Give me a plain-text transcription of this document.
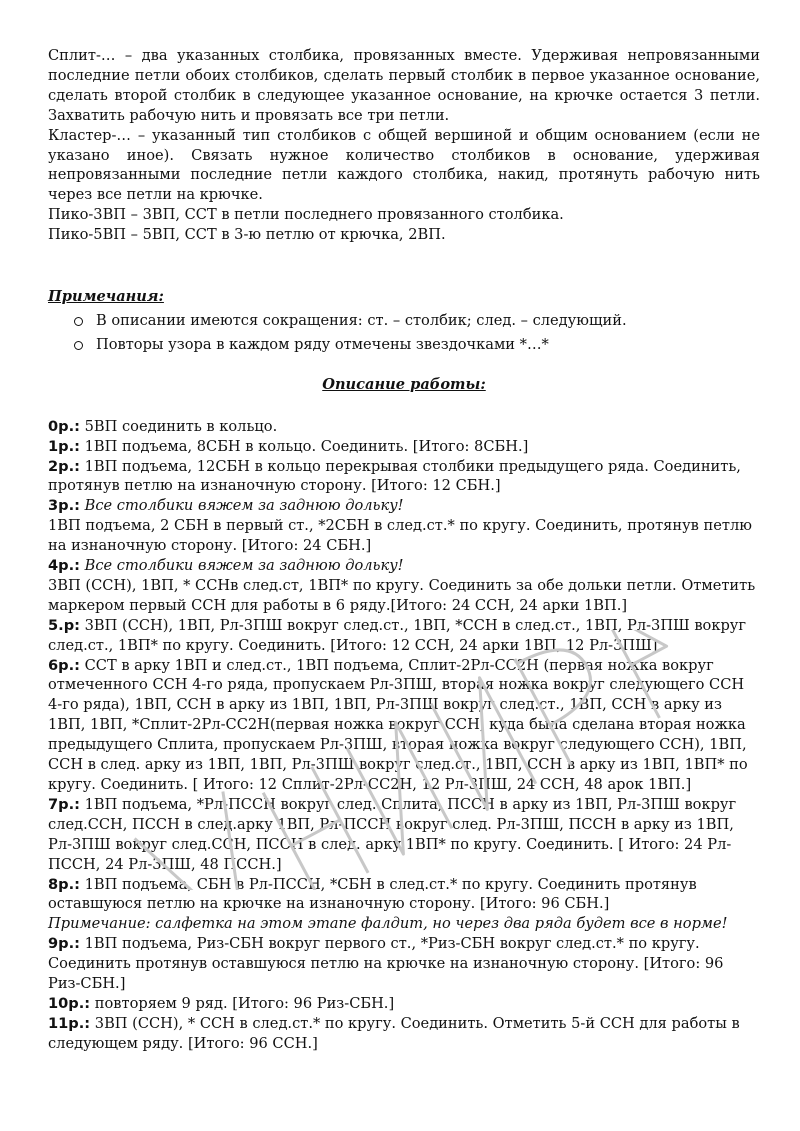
Сплит-… – два указанных столбика, провязанных вместе. Удерживая непровязанными последние петли обоих столбиков, сделать первый̆ столбик в первое указанное основание, сделать второй̆ столбик в следующее указанное основание, на крючке остается 3 петли. Захватить рабочую нить и провязать все три петли.

Кластер-… – указанный̆ тип столбиков с общей̆ вершиной̆ и общим основанием (если не указано иное). Связать нужное количество столбиков в основание, удерживая непровязанными последние петли каждого столбика, накид, протянуть рабочую нить через все петли на крючке.

Пико-3ВП – 3ВП, ССТ в петли последнего провязанного столбика.

Пико-5ВП – 5ВП, ССТ в 3-ю петлю от крючка, 2ВП.

Примечания:

В описании имеются сокращения: ст. – столбик; след. – следующий.
Повторы узора в каждом ряду отмечены звездочками *…*

Описание работы:

0р.: 5ВП соединить в кольцо.

1р.: 1ВП подъема, 8СБН в кольцо. Соединить. [Итого: 8СБН.]

2р.: 1ВП подъема, 12СБН в кольцо перекрывая столбики предыдущего ряда. Соединить, протянув петлю на изнаночную сторону. [Итого: 12 СБН.]

3р.: Все столбики вяжем за заднюю дольку!

1ВП подъема, 2 СБН в первый ст., *2СБН в след.ст.* по кругу. Соединить, протянув петлю на изнаночную сторону. [Итого: 24 СБН.]

4р.: Все столбики вяжем за заднюю дольку!

3ВП (ССН), 1ВП, * ССНв след.ст, 1ВП* по кругу. Соединить за обе дольки петли. Отметить маркером первый ССН для работы в 6 ряду.[Итого: 24 ССН, 24 арки 1ВП.]

5.р: 3ВП (ССН), 1ВП, Рл-3ПШ вокруг след.ст., 1ВП, *ССН в след.ст., 1ВП, Рл-3ПШ вокруг след.ст., 1ВП* по кругу. Соединить. [Итого: 12 ССН, 24 арки 1ВП, 12 Рл-3ПШ]

6р.: ССТ в арку 1ВП и след.ст., 1ВП подъема, Сплит-2Рл-СС2Н (первая ножка вокруг отмеченного ССН 4-го ряда, пропускаем Рл-3ПШ, вторая ножка вокруг следующего ССН 4-го ряда), 1ВП, ССН в арку из 1ВП, 1ВП, Рл-3ПШ вокруг след.ст., 1ВП, ССН в арку из 1ВП, 1ВП, *Сплит-2Рл-СС2Н(первая ножка вокруг ССН, куда была сделана вторая ножка предыдущего Сплита, пропускаем Рл-3ПШ, вторая ножка вокруг следующего ССН), 1ВП, ССН в след. арку из 1ВП, 1ВП, Рл-3ПШ вокруг след.ст., 1ВП, ССН в арку из 1ВП, 1ВП* по кругу. Соединить. [ Итого: 12 Сплит-2Рл-СС2Н, 12 Рл-3ПШ, 24 ССН, 48 арок 1ВП.]

7р.: 1ВП подъема, *Рл-ПССН вокруг след. Сплита, ПССН в арку из 1ВП, Рл-3ПШ вокруг след.ССН, ПССН в след.арку 1ВП, Рл-ПССН вокруг след. Рл-3ПШ, ПССН в арку из 1ВП, Рл-3ПШ вокруг след.ССН, ПССН в след. арку 1ВП* по кругу. Соединить. [ Итого: 24 Рл-ПССН, 24 Рл-3ПШ, 48 ПССН.]

8р.: 1ВП подъема, СБН в Рл-ПССН, *СБН в след.ст.* по кругу. Соединить протянув оставшуюся петлю на крючке на изнаночную сторону. [Итого: 96 СБН.]

Примечание: салфетка на этом этапе фалдит, но через два ряда будет все в норме!

9р.: 1ВП подъема, Риз-СБН вокруг первого ст., *Риз-СБН вокруг след.ст.* по кругу. Соединить протянув оставшуюся петлю на крючке на изнаночную сторону. [Итого: 96 Риз-СБН.]

10р.: повторяем 9 ряд. [Итого: 96 Риз-СБН.]

11р.: 3ВП (ССН), * ССН в след.ст.* по кругу. Соединить. Отметить 5-й ССН для работы в следующем ряду. [Итого: 96 ССН.]
